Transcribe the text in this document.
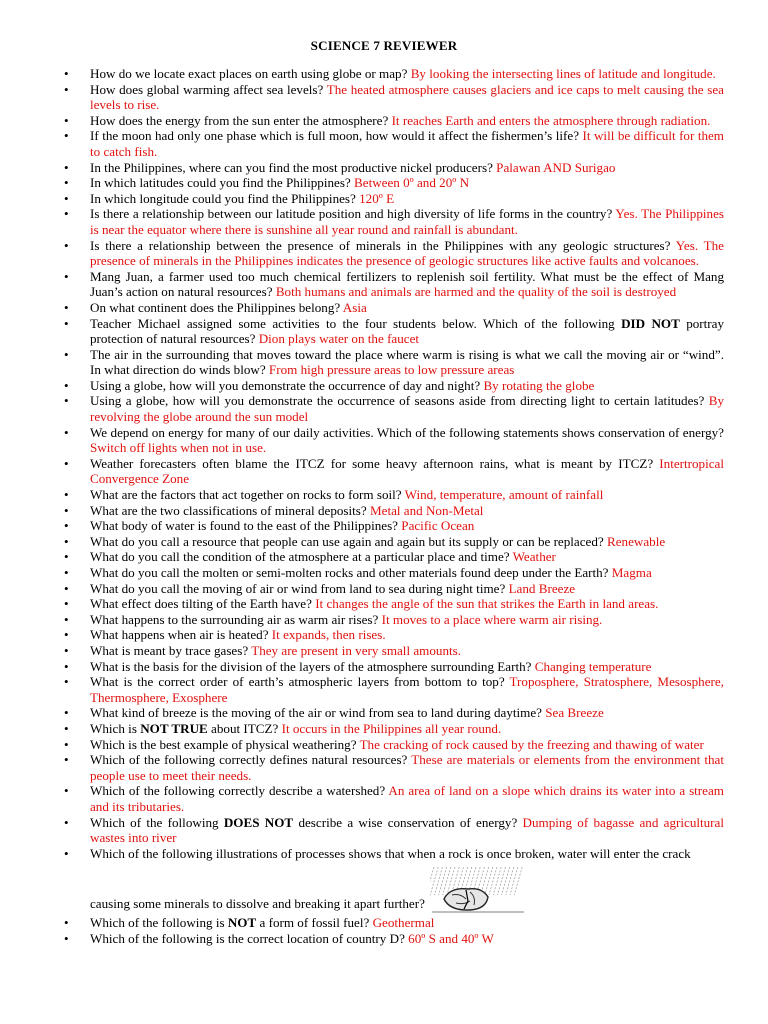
SCIENCE 7 REVIEWER
• How do we locate exact places on earth using globe or map? By looking the intersecting lines of latitude and longitude.
• How does global warming affect sea levels? The heated atmosphere causes glaciers and ice caps to melt causing the sea levels to rise.
• How does the energy from the sun enter the atmosphere? It reaches Earth and enters the atmosphere through radiation.
• If the moon had only one phase which is full moon, how would it affect the fishermen’s life? It will be difficult for them to catch fish.
• In the Philippines, where can you find the most productive nickel producers? Palawan AND Surigao
• In which latitudes could you find the Philippines? Between 0º and 20º N
• In which longitude could you find the Philippines? 120º E
• Is there a relationship between our latitude position and high diversity of life forms in the country? Yes. The Philippines is near the equator where there is sunshine all year round and rainfall is abundant.
• Is there a relationship between the presence of minerals in the Philippines with any geologic structures? Yes. The presence of minerals in the Philippines indicates the presence of geologic structures like active faults and volcanoes.
• Mang Juan, a farmer used too much chemical fertilizers to replenish soil fertility. What must be the effect of Mang Juan’s action on natural resources? Both humans and animals are harmed and the quality of the soil is destroyed
• On what continent does the Philippines belong? Asia
• Teacher Michael assigned some activities to the four students below. Which of the following DID NOT portray protection of natural resources? Dion plays water on the faucet
• The air in the surrounding that moves toward the place where warm is rising is what we call the moving air or “wind”. In what direction do winds blow? From high pressure areas to low pressure areas
• Using a globe, how will you demonstrate the occurrence of day and night? By rotating the globe
• Using a globe, how will you demonstrate the occurrence of seasons aside from directing light to certain latitudes? By revolving the globe around the sun model
• We depend on energy for many of our daily activities. Which of the following statements shows conservation of energy? Switch off lights when not in use.
• Weather forecasters often blame the ITCZ for some heavy afternoon rains, what is meant by ITCZ? Intertropical Convergence Zone
• What are the factors that act together on rocks to form soil? Wind, temperature, amount of rainfall
• What are the two classifications of mineral deposits? Metal and Non-Metal
• What body of water is found to the east of the Philippines? Pacific Ocean
• What do you call a resource that people can use again and again but its supply or can be replaced? Renewable
• What do you call the condition of the atmosphere at a particular place and time? Weather
• What do you call the molten or semi-molten rocks and other materials found deep under the Earth? Magma
• What do you call the moving of air or wind from land to sea during night time? Land Breeze
• What effect does tilting of the Earth have? It changes the angle of the sun that strikes the Earth in land areas.
• What happens to the surrounding air as warm air rises? It moves to a place where warm air rising.
• What happens when air is heated? It expands, then rises.
• What is meant by trace gases? They are present in very small amounts.
• What is the basis for the division of the layers of the atmosphere surrounding Earth? Changing temperature
• What is the correct order of earth’s atmospheric layers from bottom to top? Troposphere, Stratosphere, Mesosphere, Thermosphere, Exosphere
• What kind of breeze is the moving of the air or wind from sea to land during daytime? Sea Breeze
• Which is NOT TRUE about ITCZ? It occurs in the Philippines all year round.
• Which is the best example of physical weathering? The cracking of rock caused by the freezing and thawing of water
• Which of the following correctly defines natural resources? These are materials or elements from the environment that people use to meet their needs.
• Which of the following correctly describe a watershed? An area of land on a slope which drains its water into a stream and its tributaries.
• Which of the following DOES NOT describe a wise conservation of energy? Dumping of bagasse and agricultural wastes into river
• Which of the following illustrations of processes shows that when a rock is once broken, water will enter the crack
causing some minerals to dissolve and breaking it apart further?
• Which of the following is NOT a form of fossil fuel? Geothermal
• Which of the following is the correct location of country D? 60º S and 40º W
